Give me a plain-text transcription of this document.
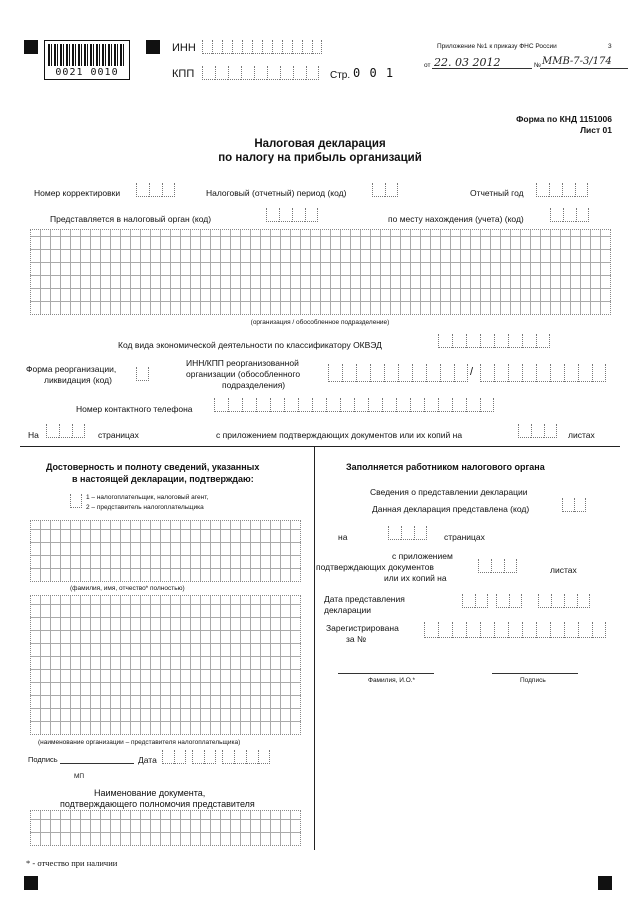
0021 0010
ИНН
КПП	Стр. 0 0 1
Приложение №1 к приказу ФНС России	3
от 22. 03 2012	№ ММВ-7-3/174
Форма по КНД 1151006
Лист 01
Налоговая декларация
по налогу на прибыль организаций
Номер корректировки	Налоговый (отчетный) период (код)	Отчетный год
Представляется в налоговый орган (код)	по месту нахождения (учета) (код)
(организация / обособленное подразделение)
Код вида экономической деятельности по классификатору ОКВЭД
Форма реорганизации,
ликвидация (код)
ИНН/КПП реорганизованной
организации (обособленного
подразделения)
/
Номер контактного телефона
На	страницах	с приложением подтверждающих документов или их копий на	листах
Достоверность и полноту сведений, указанных
в настоящей декларации, подтверждаю:
1 – налогоплательщик, налоговый агент,
2 – представитель налогоплательщика
(фамилия, имя, отчество* полностью)
(наименование организации – представителя налогоплательщика)
Подпись	Дата
МП
Наименование документа,
подтверждающего полномочия представителя
Заполняется работником налогового органа
Сведения о представлении декларации
Данная декларация представлена (код)
на	страницах
с приложением
подтверждающих документов
или их копий на
листах
Дата представления
декларации
Зарегистрирована
за №
Фамилия, И.О.*	Подпись
* - отчество при наличии
